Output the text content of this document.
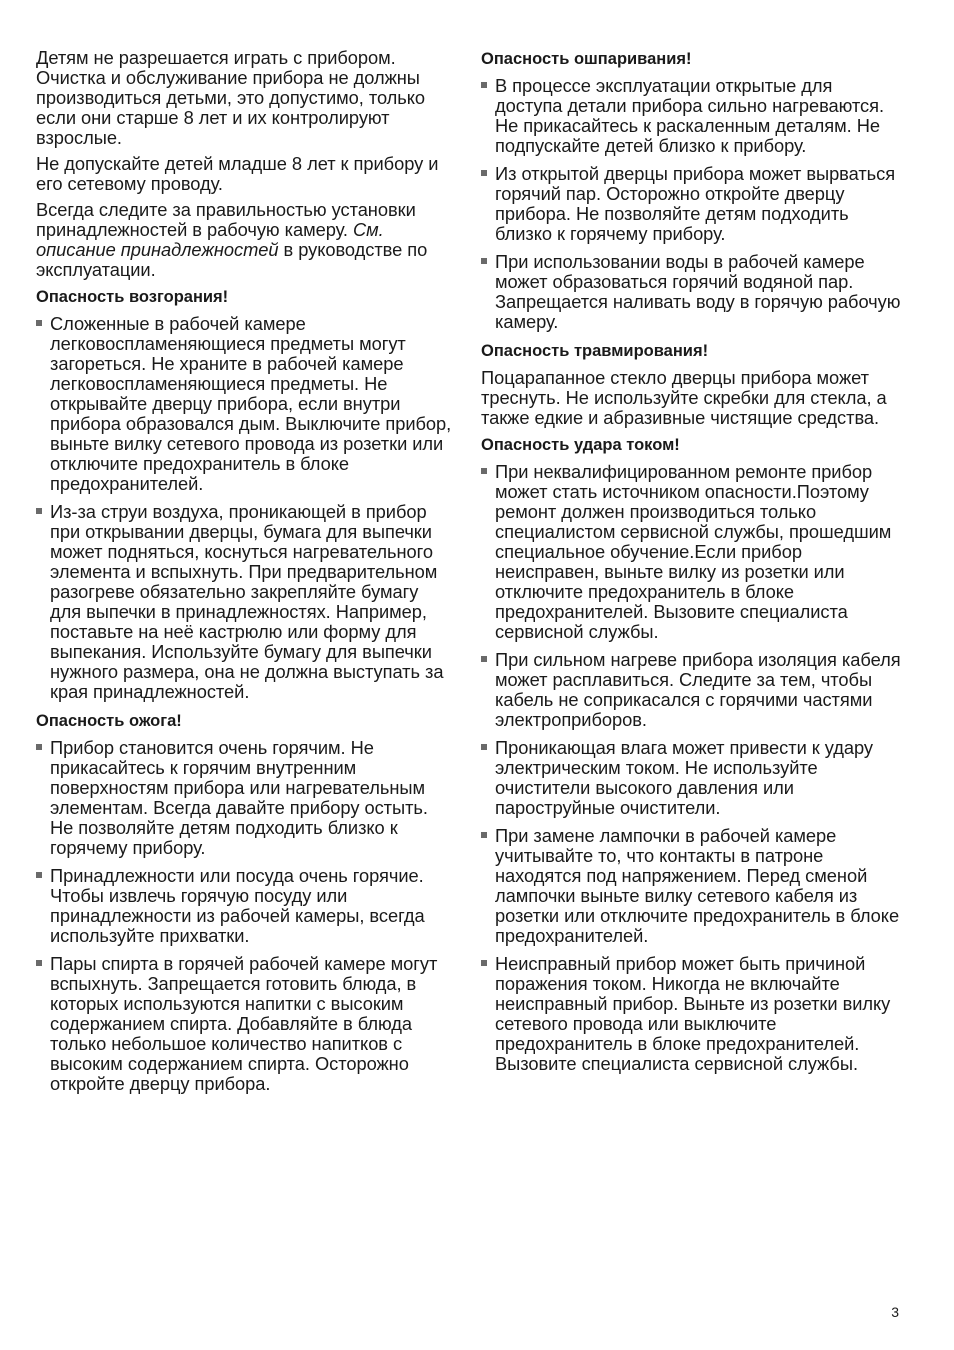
Детям не разрешается играть с прибором. Очистка и обслуживание прибора не должны производиться детьми, это допустимо, только если они старше 8 лет и их контролируют взрослые.

Не допускайте детей младше 8 лет к прибору и его сетевому проводу.

Всегда следите за правильностью установки принадлежностей в рабочую камеру. См. описание принадлежностей в руководстве по эксплуатации.

Опасность возгорания!
Сложенные в рабочей камере легковоспламеняющиеся предметы могут загореться. Не храните в рабочей камере легковоспламеняющиеся предметы. Не открывайте дверцу прибора, если внутри прибора образовался дым. Выключите прибор, выньте вилку сетевого провода из розетки или отключите предохранитель в блоке предохранителей.
Из-за струи воздуха, проникающей в прибор при открывании дверцы, бумага для выпечки может подняться, коснуться нагревательного элемента и вспыхнуть. При предварительном разогреве обязательно закрепляйте бумагу для выпечки в принадлежностях. Например, поставьте на неё кастрюлю или форму для выпекания. Используйте бумагу для выпечки нужного размера, она не должна выступать за края принадлежностей.
Опасность ожога!
Прибор становится очень горячим. Не прикасайтесь к горячим внутренним поверхностям прибора или нагревательным элементам. Всегда давайте прибору остыть. Не позволяйте детям подходить близко к горячему прибору.
Принадлежности или посуда очень горячие. Чтобы извлечь горячую посуду или принадлежности из рабочей камеры, всегда используйте прихватки.
Пары спирта в горячей рабочей камере могут вспыхнуть. Запрещается готовить блюда, в которых используются напитки с высоким содержанием спирта. Добавляйте в блюда только небольшое количество напитков с высоким содержанием спирта. Осторожно откройте дверцу прибора.
Опасность ошпаривания!
В процессе эксплуатации открытые для доступа детали прибора сильно нагреваются. Не прикасайтесь к раскаленным деталям. Не подпускайте детей близко к прибору.
Из открытой дверцы прибора может вырваться горячий пар. Осторожно откройте дверцу прибора. Не позволяйте детям подходить близко к горячему прибору.
При использовании воды в рабочей камере может образоваться горячий водяной пар. Запрещается наливать воду в горячую рабочую камеру.
Опасность травмирования!

Поцарапанное стекло дверцы прибора может треснуть. Не используйте скребки для стекла, а также едкие и абразивные чистящие средства.

Опасность удара током!
При неквалифицированном ремонте прибор может стать источником опасности.Поэтому ремонт должен производиться только специалистом сервисной службы, прошедшим специальное обучение.Если прибор неисправен, выньте вилку из розетки или отключите предохранитель в блоке предохранителей. Вызовите специалиста сервисной службы.
При сильном нагреве прибора изоляция кабеля может расплавиться. Следите за тем, чтобы кабель не соприкасался с горячими частями электроприборов.
Проникающая влага может привести к удару электрическим током. Не используйте очистители высокого давления или пароструйные очистители.
При замене лампочки в рабочей камере учитывайте то, что контакты в патроне находятся под напряжением. Перед сменой лампочки выньте вилку сетевого кабеля из розетки или отключите предохранитель в блоке предохранителей.
Неисправный прибор может быть причиной поражения током. Никогда не включайте неисправный прибор. Выньте из розетки вилку сетевого провода или выключите предохранитель в блоке предохранителей. Вызовите специалиста сервисной службы.
3
